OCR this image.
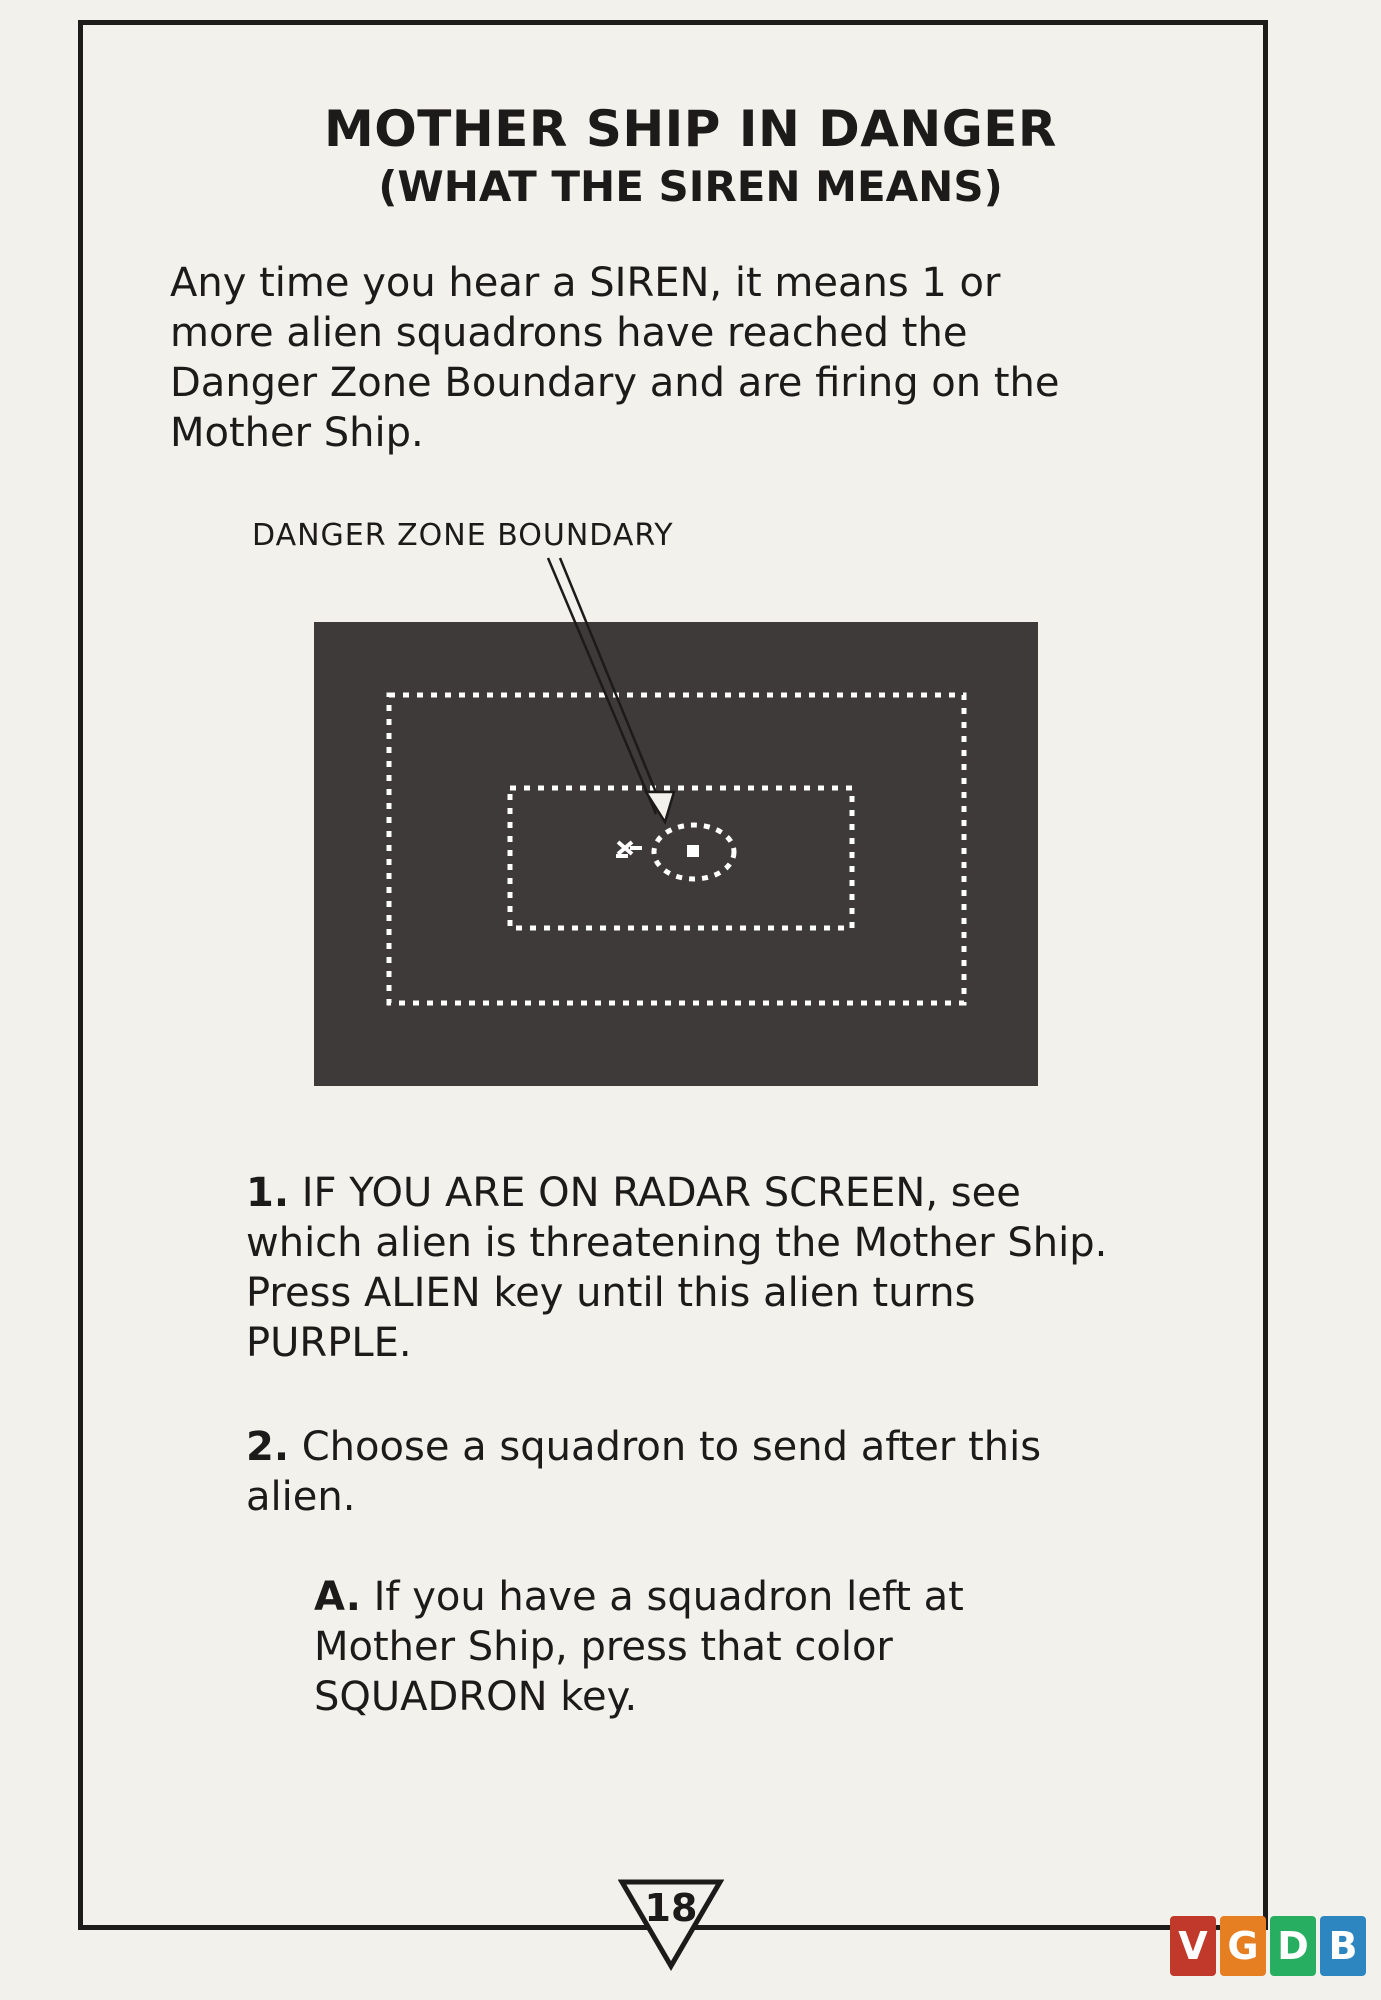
MOTHER SHIP IN DANGER
(WHAT THE SIREN MEANS)

Any time you hear a SIREN, it means 1 or
more alien squadrons have reached the
Danger Zone Boundary and are firing on the
Mother Ship.

DANGER ZONE BOUNDARY

1. IF YOU ARE ON RADAR SCREEN, see
which alien is threatening the Mother Ship.
Press ALIEN key until this alien turns
PURPLE.

2. Choose a squadron to send after this
alien.

A. If you have a squadron left at
Mother Ship, press that color
SQUADRON key.

18
V G D B
